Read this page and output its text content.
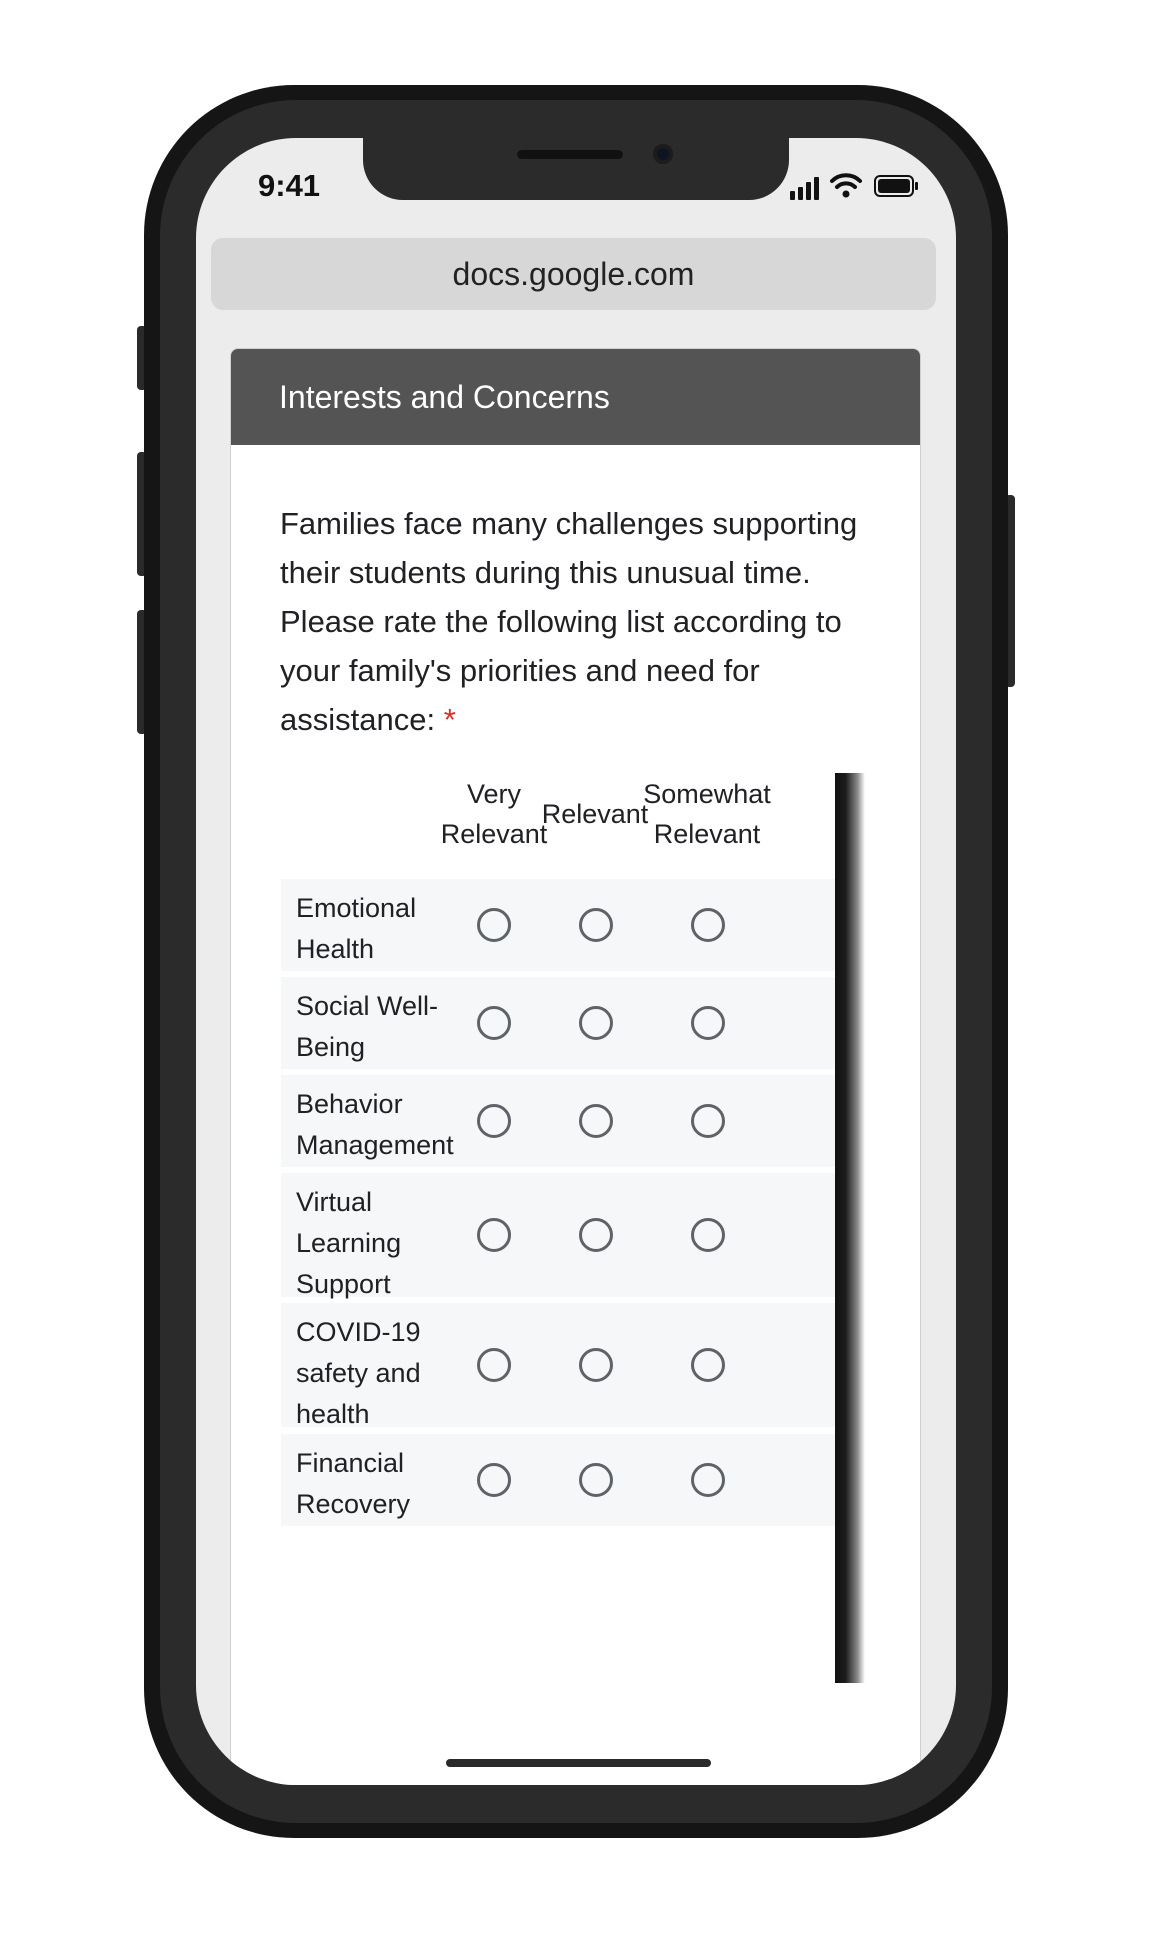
9:41
docs.google.com
Interests and Concerns
Families face many challenges supporting their students during this unusual time. Please rate the following list according to your family's priorities and need for assistance: *
Very Relevant
Relevant
Somewhat Relevant
Emotional Health
Social Well-Being
Behavior Management
Virtual Learning Support
COVID-19 safety and health
Financial Recovery
